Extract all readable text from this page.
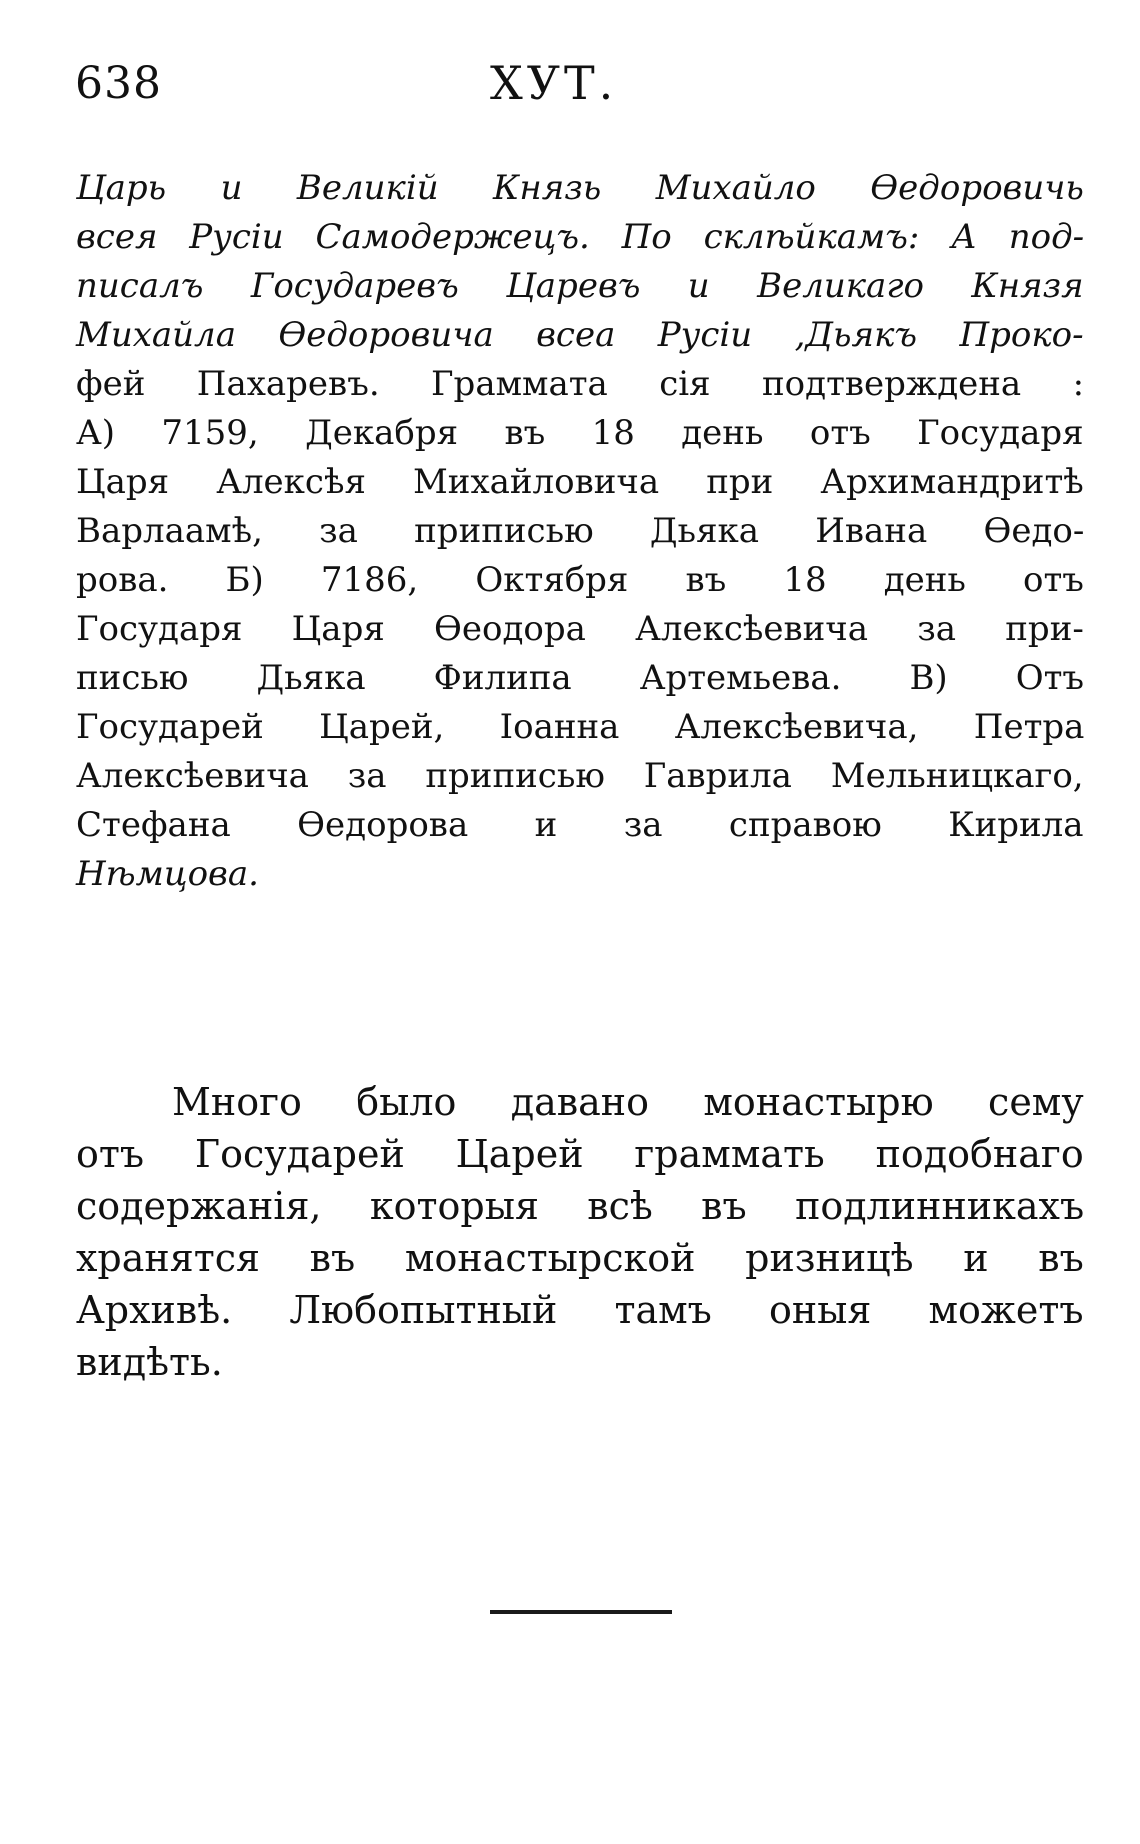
638	ХУТ.
Царь и Великій Князь Михайло Ѳедоровичь
всея Русіи Самодержецъ. По склѣйкамъ: А под-
писалъ Государевъ Царевъ и Великаго Князя
Михайла Ѳедоровича всеа Русіи ,Дьякъ Проко-
фей Пахаревъ. Граммата сія подтверждена :
А) 7159, Декабря въ 18 день отъ Государя
Царя Алексѣя Михайловича при Архимандритѣ
Варлаамѣ, за приписью Дьяка Ивана Ѳедо-
рова. Б) 7186, Октября въ 18 день отъ
Государя Царя Ѳеодора Алексѣевича за при-
писью Дьяка Филипа Артемьева. В) Отъ
Государей Царей, Іоанна Алексѣевича, Петра
Алексѣевича за приписью Гаврила Мельницкаго,
Стефана Ѳедорова и за справою Кирила
Нѣмцова.
Много было давано монастырю сему
отъ Государей Царей граммать подобнаго
содержанія, которыя всѣ въ подлинникахъ
хранятся въ монастырской ризницѣ и въ
Архивѣ. Любопытный тамъ оныя можетъ
видѣть.
